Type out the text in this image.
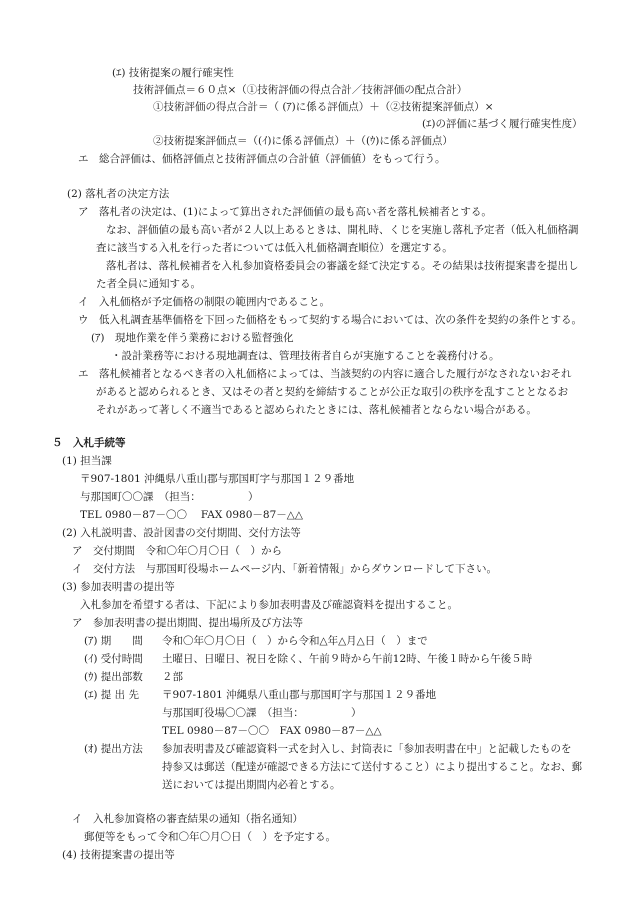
(ｴ) 技術提案の履行確実性
技術評価点＝６０点×（①技術評価の得点合計／技術評価の配点合計）
①技術評価の得点合計＝（ (ｱ)に係る評価点）＋（②技術提案評価点）×
(ｴ)の評価に基づく履行確実性度）
②技術提案評価点＝（(ｲ)に係る評価点）＋（(ｳ)に係る評価点）
エ　総合評価は、価格評価点と技術評価点の合計値（評価値）をもって行う。
(2) 落札者の決定方法
ア　落札者の決定は、(1)によって算出された評価値の最も高い者を落札候補者とする。
なお、評価値の最も高い者が２人以上あるときは、開札時、くじを実施し落札予定者（低入札価格調
査に該当する入札を行った者については低入札価格調査順位）を選定する。
落札者は、落札候補者を入札参加資格委員会の審議を経て決定する。その結果は技術提案書を提出し
た者全員に通知する。
イ　入札価格が予定価格の制限の範囲内であること。
ウ　低入札調査基準価格を下回った価格をもって契約する場合においては、次の条件を契約の条件とする。
(ｱ)　現地作業を伴う業務における監督強化
・設計業務等における現地調査は、管理技術者自らが実施することを義務付ける。
エ　落札候補者となるべき者の入札価格によっては、当該契約の内容に適合した履行がなされないおそれ
があると認められるとき、又はその者と契約を締結することが公正な取引の秩序を乱すこととなるお
それがあって著しく不適当であると認められたときには、落札候補者とならない場合がある。
５　入札手続等
(1) 担当課
〒907-1801 沖縄県八重山郡与那国町字与那国１２９番地
与那国町〇〇課　（担当：　　　　　）
TEL 0980－87－〇〇　 FAX 0980－87－△△
(2) 入札説明書、設計図書の交付期間、交付方法等
ア　交付期間　令和〇年〇月〇日（　）から
イ　交付方法　与那国町役場ホームページ内、「新着情報」からダウンロードして下さい。
(3) 参加表明書の提出等
入札参加を希望する者は、下記により参加表明書及び確認資料を提出すること。
ア　参加表明書の提出期間、提出場所及び方法等
(ｱ) 期　　間 令和〇年〇月〇日（　）から令和△年△月△日（　）まで
(ｲ) 受付時間 土曜日、日曜日、祝日を除く、午前９時から午前12時、午後１時から午後５時
(ｳ) 提出部数 ２部
(ｴ) 提 出 先 〒907-1801 沖縄県八重山郡与那国町字与那国１２９番地
与那国町役場〇〇課　（担当：　　　　　）
TEL 0980－87－〇〇　FAX 0980－87－△△
(ｵ) 提出方法 参加表明書及び確認資料一式を封入し、封筒表に「参加表明書在中」と記載したものを
持参又は郵送（配達が確認できる方法にて送付すること）により提出すること。なお、郵
送においては提出期間内必着とする。
イ　入札参加資格の審査結果の通知（指名通知）
郵便等をもって令和〇年〇月〇日（　）を予定する。
(4) 技術提案書の提出等
